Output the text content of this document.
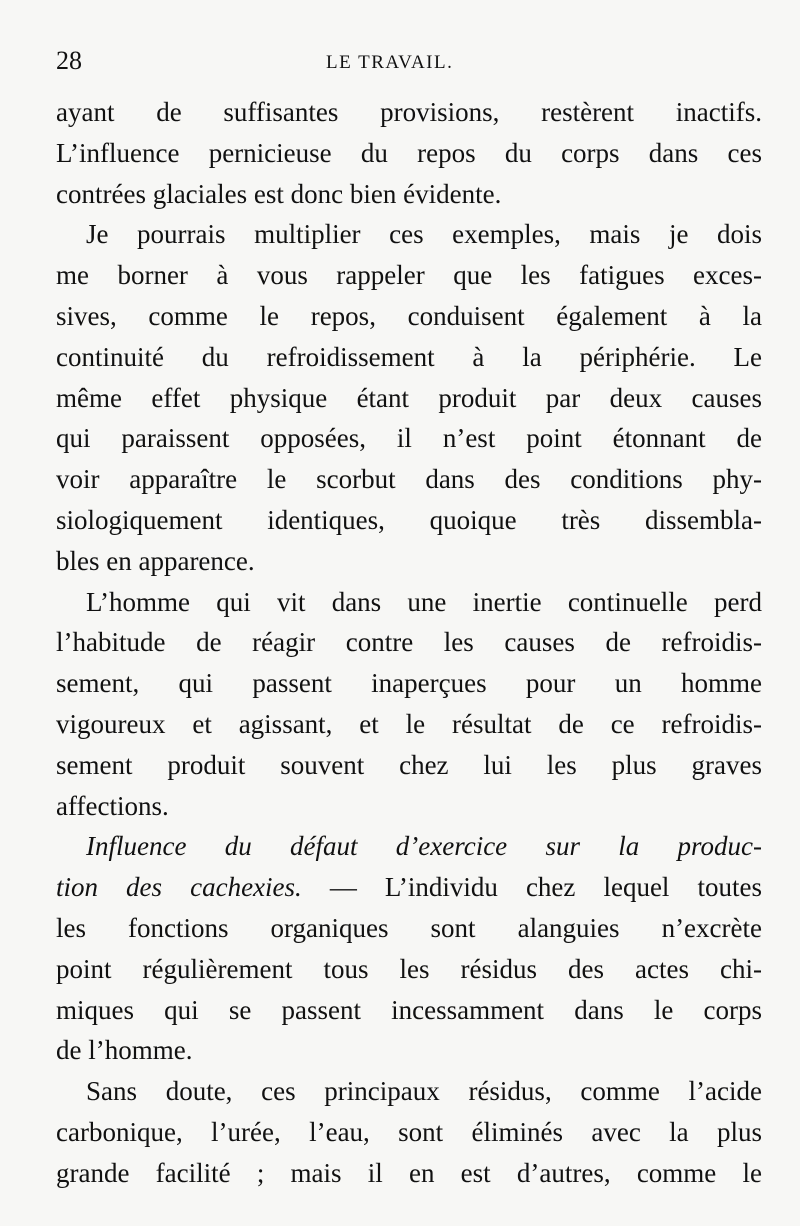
28	LE TRAVAIL.
ayant de suffisantes provisions, restèrent inactifs.
L’influence pernicieuse du repos du corps dans ces
contrées glaciales est donc bien évidente.
Je pourrais multiplier ces exemples, mais je dois
me borner à vous rappeler que les fatigues exces-
sives, comme le repos, conduisent également à la
continuité du refroidissement à la périphérie. Le
même effet physique étant produit par deux causes
qui paraissent opposées, il n’est point étonnant de
voir apparaître le scorbut dans des conditions phy-
siologiquement identiques, quoique très dissembla-
bles en apparence.
L’homme qui vit dans une inertie continuelle perd
l’habitude de réagir contre les causes de refroidis-
sement, qui passent inaperçues pour un homme
vigoureux et agissant, et le résultat de ce refroidis-
sement produit souvent chez lui les plus graves
affections.
Influence du défaut d’exercice sur la produc-
tion des cachexies. — L’individu chez lequel toutes
les fonctions organiques sont alanguies n’excrète
point régulièrement tous les résidus des actes chi-
miques qui se passent incessamment dans le corps
de l’homme.
Sans doute, ces principaux résidus, comme l’acide
carbonique, l’urée, l’eau, sont éliminés avec la plus
grande facilité ; mais il en est d’autres, comme le
